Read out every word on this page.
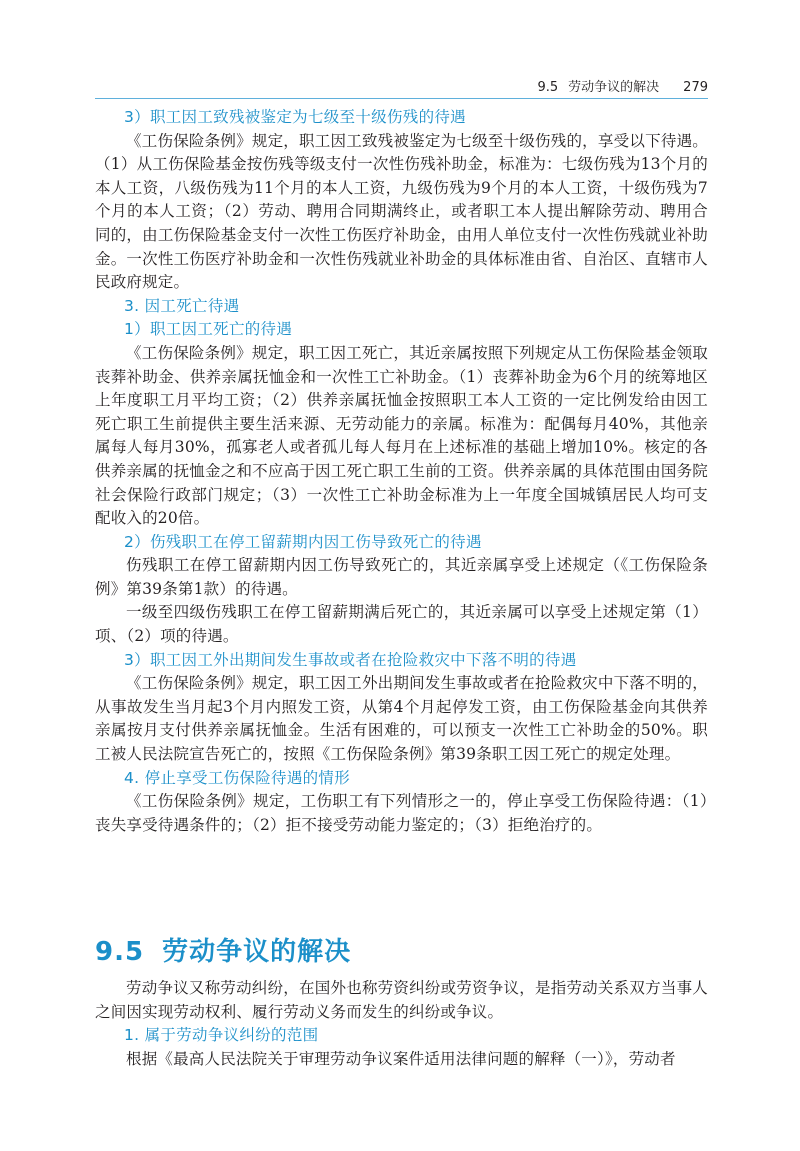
9.5 劳动争议的解决 279
3）职工因工致残被鉴定为七级至十级伤残的待遇

《工伤保险条例》规定，职工因工致残被鉴定为七级至十级伤残的，享受以下待遇。（1）从工伤保险基金按伤残等级支付一次性伤残补助金，标准为：七级伤残为13个月的本人工资，八级伤残为11个月的本人工资，九级伤残为9个月的本人工资，十级伤残为7个月的本人工资；（2）劳动、聘用合同期满终止，或者职工本人提出解除劳动、聘用合同的，由工伤保险基金支付一次性工伤医疗补助金，由用人单位支付一次性伤残就业补助金。一次性工伤医疗补助金和一次性伤残就业补助金的具体标准由省、自治区、直辖市人民政府规定。

3. 因工死亡待遇
1）职工因工死亡的待遇

《工伤保险条例》规定，职工因工死亡，其近亲属按照下列规定从工伤保险基金领取丧葬补助金、供养亲属抚恤金和一次性工亡补助金。（1）丧葬补助金为6个月的统筹地区上年度职工月平均工资；（2）供养亲属抚恤金按照职工本人工资的一定比例发给由因工死亡职工生前提供主要生活来源、无劳动能力的亲属。标准为：配偶每月40%，其他亲属每人每月30%，孤寡老人或者孤儿每人每月在上述标准的基础上增加10%。核定的各供养亲属的抚恤金之和不应高于因工死亡职工生前的工资。供养亲属的具体范围由国务院社会保险行政部门规定；（3）一次性工亡补助金标准为上一年度全国城镇居民人均可支配收入的20倍。

2）伤残职工在停工留薪期内因工伤导致死亡的待遇

伤残职工在停工留薪期内因工伤导致死亡的，其近亲属享受上述规定（《工伤保险条例》第39条第1款）的待遇。

一级至四级伤残职工在停工留薪期满后死亡的，其近亲属可以享受上述规定第（1）项、（2）项的待遇。

3）职工因工外出期间发生事故或者在抢险救灾中下落不明的待遇

《工伤保险条例》规定，职工因工外出期间发生事故或者在抢险救灾中下落不明的，从事故发生当月起3个月内照发工资，从第4个月起停发工资，由工伤保险基金向其供养亲属按月支付供养亲属抚恤金。生活有困难的，可以预支一次性工亡补助金的50%。职工被人民法院宣告死亡的，按照《工伤保险条例》第39条职工因工死亡的规定处理。

4. 停止享受工伤保险待遇的情形

《工伤保险条例》规定，工伤职工有下列情形之一的，停止享受工伤保险待遇：（1）丧失享受待遇条件的；（2）拒不接受劳动能力鉴定的；（3）拒绝治疗的。

9.5 劳动争议的解决

劳动争议又称劳动纠纷，在国外也称劳资纠纷或劳资争议，是指劳动关系双方当事人之间因实现劳动权利、履行劳动义务而发生的纠纷或争议。

1. 属于劳动争议纠纷的范围

根据《最高人民法院关于审理劳动争议案件适用法律问题的解释（一）》，劳动者
